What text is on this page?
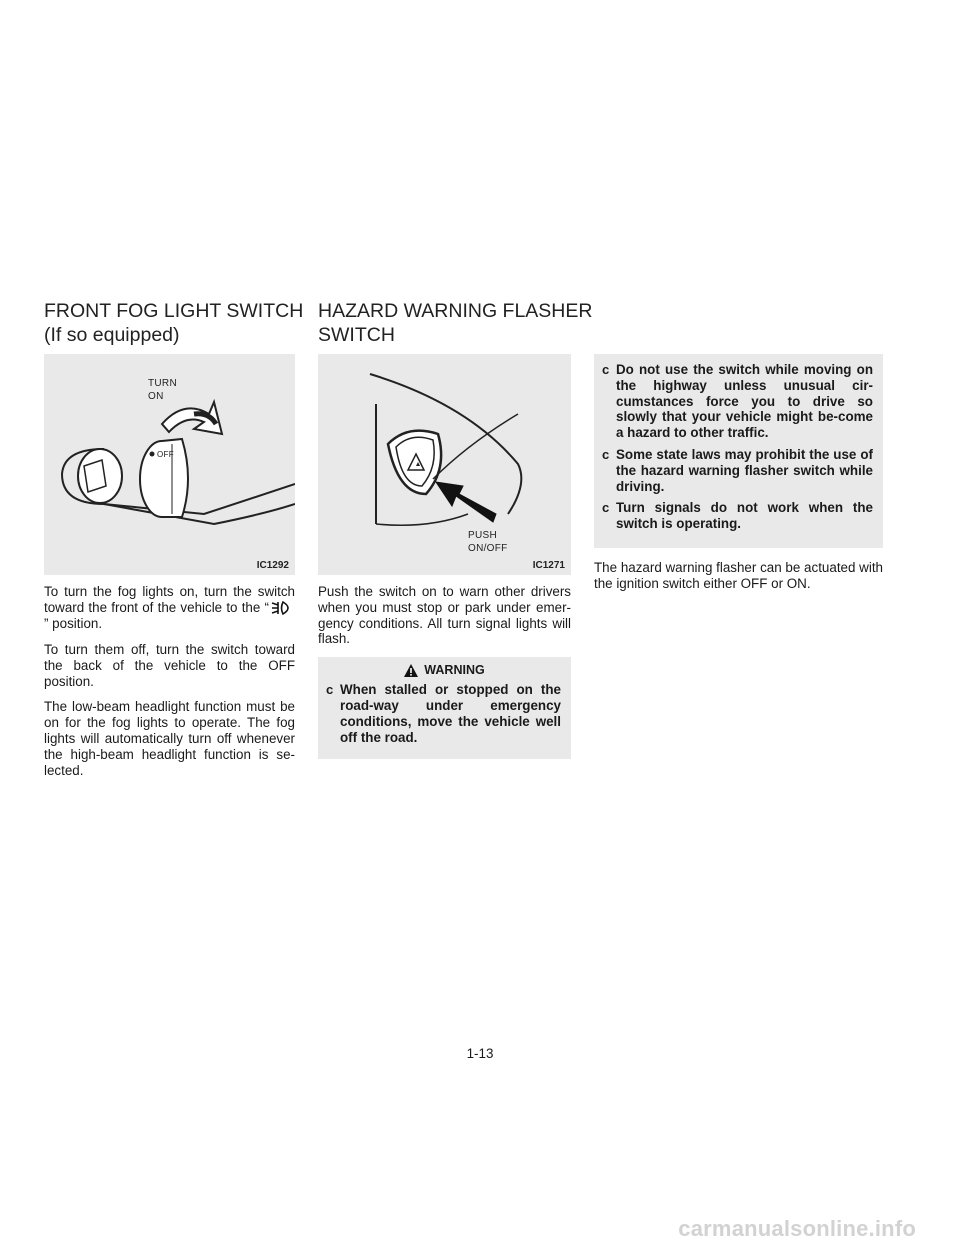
FRONT FOG LIGHT SWITCH

(If so equipped)

TURN
ON
OFF
IC1292

To turn the fog lights on, turn the switch toward the front of the vehicle to the “” position.

To turn them off, turn the switch toward the back of the vehicle to the OFF position.

The low-beam headlight function must be on for the fog lights to operate. The fog lights will automatically turn off whenever the high-beam headlight function is se-lected.

HAZARD WARNING FLASHER

SWITCH

PUSH
ON/OFF
IC1271

Push the switch on to warn other drivers when you must stop or park under emer-gency conditions. All turn signal lights will flash.

WARNING
c When stalled or stopped on the road-way under emergency conditions, move the vehicle well off the road.
c Do not use the switch while moving on the highway unless unusual cir-cumstances force you to drive so slowly that your vehicle might be-come a hazard to other traffic.
c Some state laws may prohibit the use of the hazard warning flasher switch while driving.
c Turn signals do not work when the switch is operating.

The hazard warning flasher can be actuated with the ignition switch either OFF or ON.

1-13
carmanualsonline.info
